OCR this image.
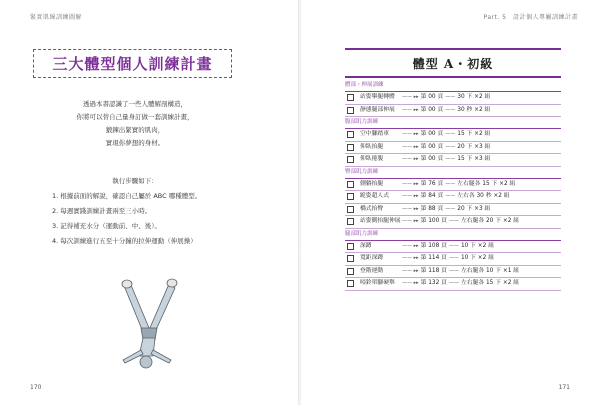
緊實肌線訓練圖解
三大體型個人訓練計畫
透過本書認識了一些人體解剖構造，
你將可以替自己量身訂做一套訓練計畫，
鍛鍊出緊實的肌肉，
實現你夢想的身材。
執行步驟如下：
1. 根據前面的解說，確認自己屬於 ABC 哪種體型。
2. 每週實踐訓練計畫兩至三小時。
3. 記得補充水分（運動前、中、後）。
4. 每次訓練進行五至十分鐘的拉伸運動（伸展操）
170
Part. 5　設計個人專屬訓練計畫
171
體型 A・初級
體部・伸展訓練
站姿擧腿轉體	—— ▸▸ 第 00 頁 —— 30 下 ×2 組
靜態腿部伸展	—— ▸▸ 第 00 頁 —— 30 秒 ×2 組
腹部肌力訓練
空中腳踏車	—— ▸▸ 第 00 頁 —— 15 下 ×2 組
仰臥抬腿	—— ▸▸ 第 00 頁 —— 20 下 ×3 組
仰臥捲腹	—— ▸▸ 第 00 頁 —— 15 下 ×3 組
臀部肌力訓練
側躺抬腿	—— ▸▸ 第 76 頁 —— 左右腿各 15 下 ×2 組
跪姿超人式	—— ▸▸ 第 84 頁 —— 左右各 30 秒 ×2 組
橋式抬臀	—— ▸▸ 第 88 頁 —— 20 下 ×3 組
站姿側抬腿伸展 —— ▸▸ 第 100 頁 —— 左右腿各 20 下 ×2 組
腿部肌力訓練
深蹲	—— ▸▸ 第 108 頁 —— 10 下 ×2 組
寬距深蹲	—— ▸▸ 第 114 頁 —— 10 下 ×2 組
登階運動	—— ▸▸ 第 118 頁 —— 左右腿各 10 下 ×1 組
啞鈴單腳硬舉	—— ▸▸ 第 132 頁 —— 左右腿各 15 下 ×2 組
